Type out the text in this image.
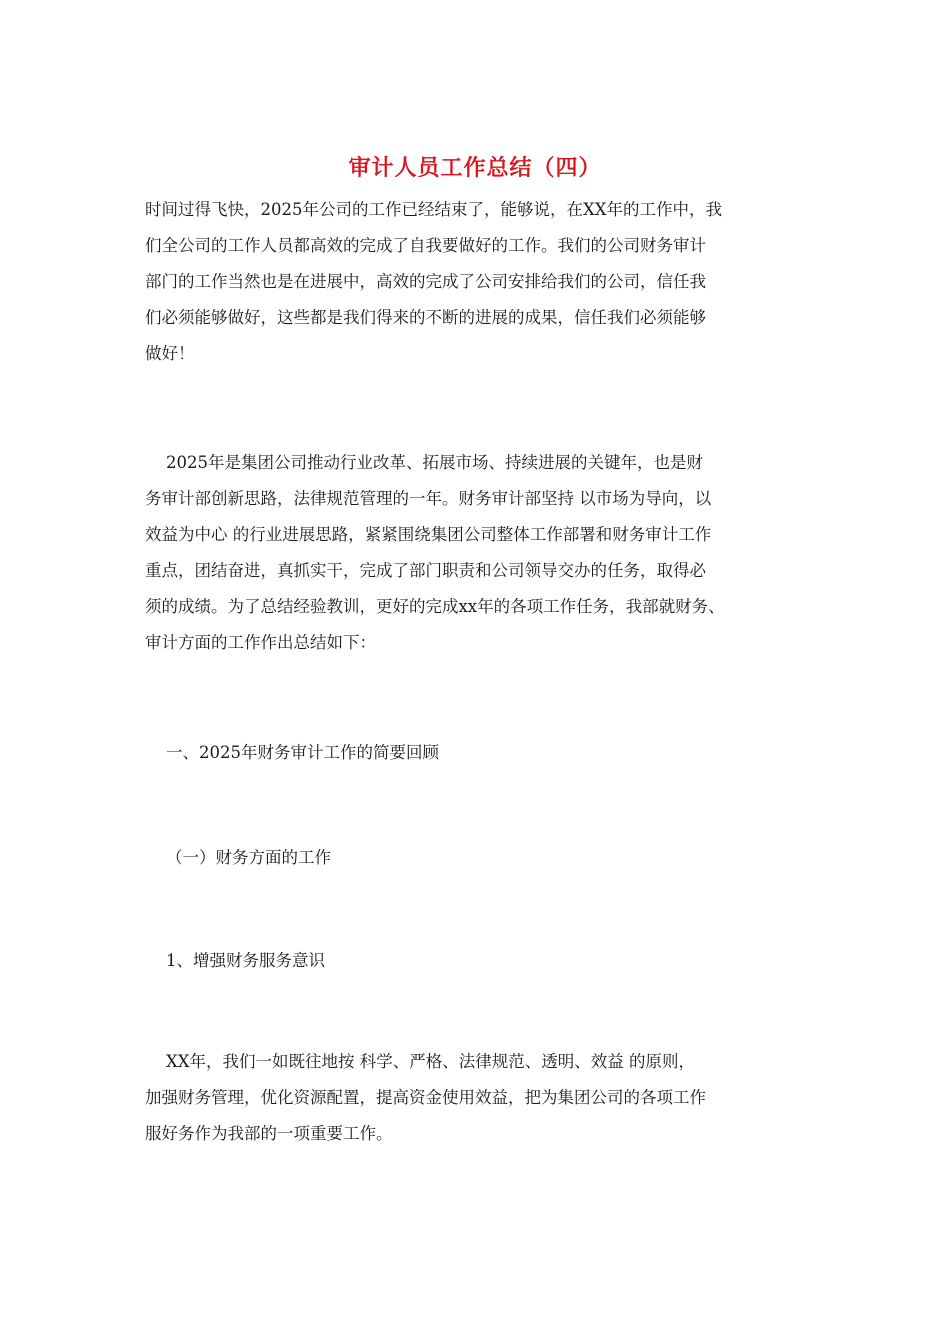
审计人员工作总结（四）

时间过得飞快，2025年公司的工作已经结束了，能够说，在XX年的工作中，我
们全公司的工作人员都高效的完成了自我要做好的工作。我们的公司财务审计
部门的工作当然也是在进展中，高效的完成了公司安排给我们的公司，信任我
们必须能够做好，这些都是我们得来的不断的进展的成果，信任我们必须能够
做好！

2025年是集团公司推动行业改革、拓展市场、持续进展的关键年，也是财
务审计部创新思路，法律规范管理的一年。财务审计部坚持 以市场为导向，以
效益为中心 的行业进展思路，紧紧围绕集团公司整体工作部署和财务审计工作
重点，团结奋进，真抓实干，完成了部门职责和公司领导交办的任务，取得必
须的成绩。为了总结经验教训，更好的完成xx年的各项工作任务，我部就财务、
审计方面的工作作出总结如下：

一、2025年财务审计工作的简要回顾

（一）财务方面的工作

1、增强财务服务意识

XX年，我们一如既往地按 科学、严格、法律规范、透明、效益 的原则，
加强财务管理，优化资源配置，提高资金使用效益，把为集团公司的各项工作
服好务作为我部的一项重要工作。
